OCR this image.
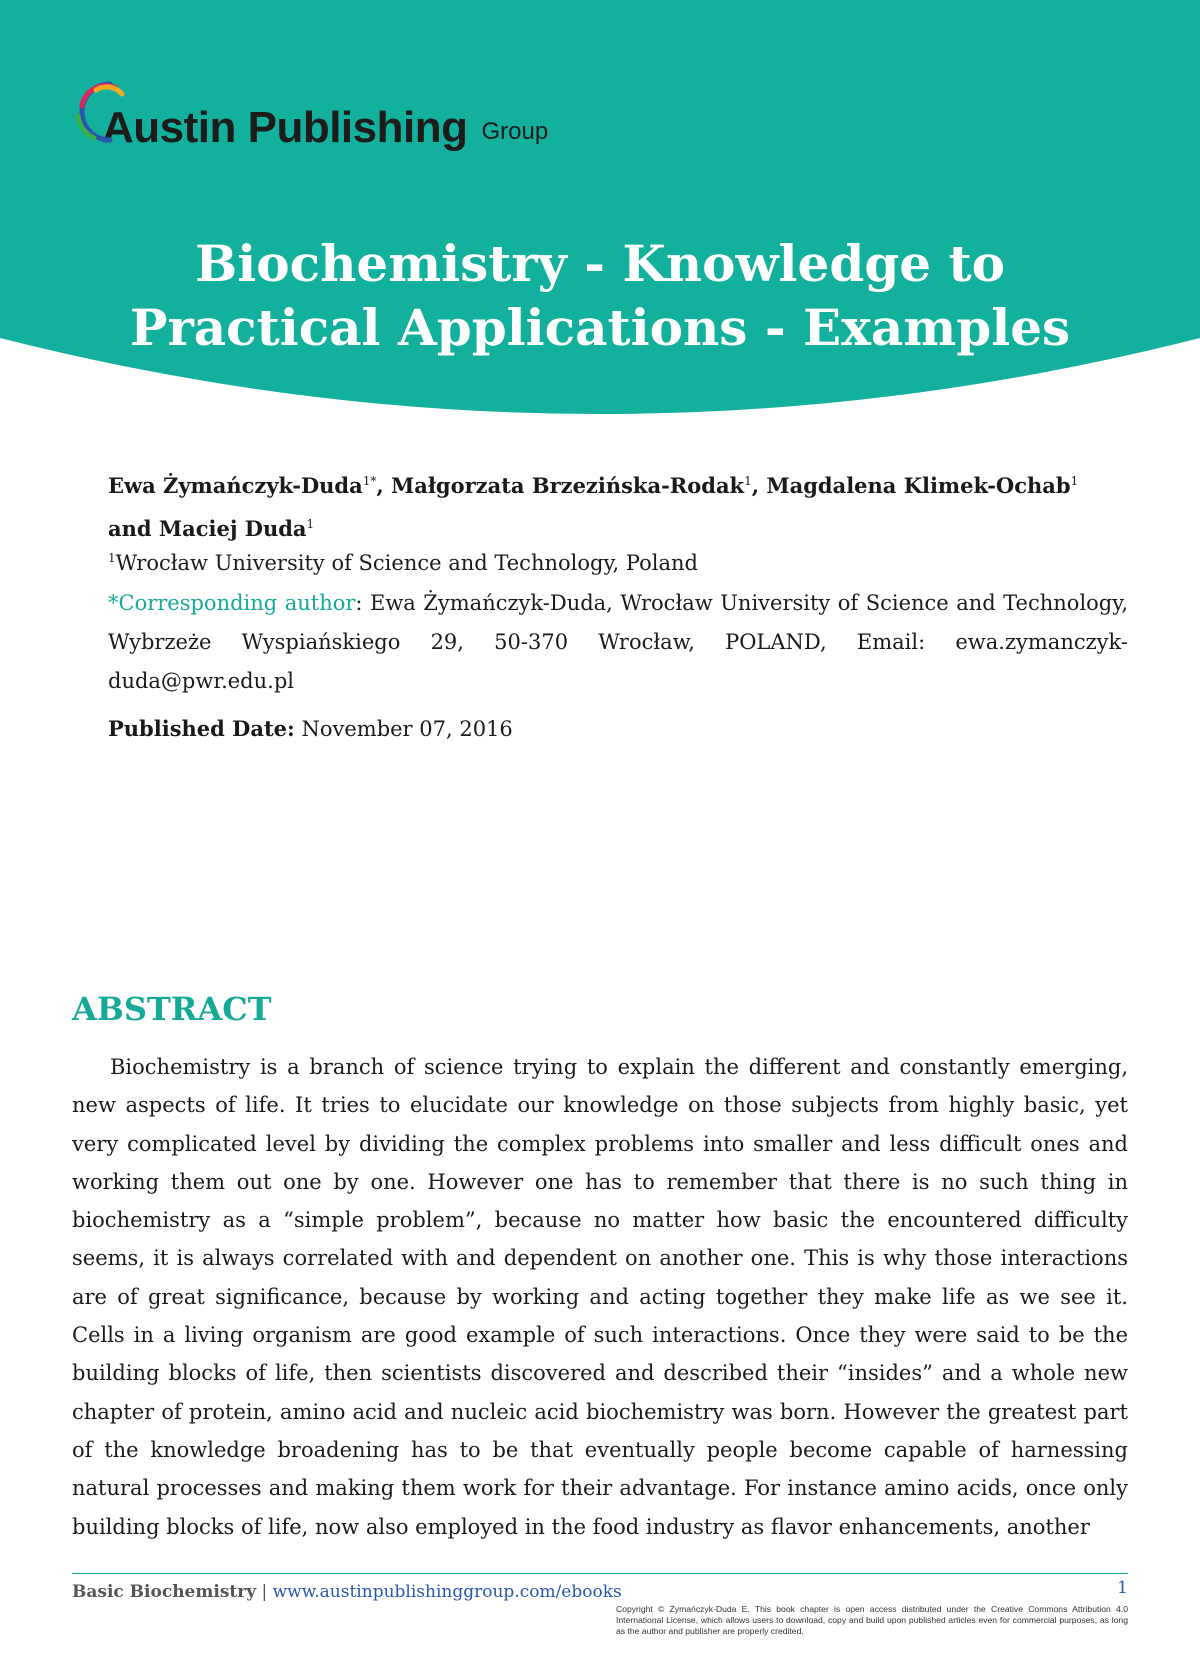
Austin Publishing Group
Biochemistry - Knowledge to Practical Applications - Examples

Ewa Żymańczyk-Duda$^{1*}$, Małgorzata Brzezińska-Rodak$^1$, Magdalena Klimek-Ochab$^1$
and Maciej Duda$^1$

$^1$Wrocław University of Science and Technology, Poland

*Corresponding author: Ewa Żymańczyk-Duda, Wrocław University of Science and Technology, Wybrzeże Wyspiańskiego 29, 50-370 Wrocław, POLAND, Email: ewa.zymanczyk-duda@pwr.edu.pl

Published Date: November 07, 2016

ABSTRACT

Biochemistry is a branch of science trying to explain the different and constantly emerging, new aspects of life. It tries to elucidate our knowledge on those subjects from highly basic, yet very complicated level by dividing the complex problems into smaller and less difficult ones and working them out one by one. However one has to remember that there is no such thing in biochemistry as a “simple problem”, because no matter how basic the encountered difficulty seems, it is always correlated with and dependent on another one. This is why those interactions are of great significance, because by working and acting together they make life as we see it. Cells in a living organism are good example of such interactions. Once they were said to be the building blocks of life, then scientists discovered and described their “insides” and a whole new chapter of protein, amino acid and nucleic acid biochemistry was born. However the greatest part of the knowledge broadening has to be that eventually people become capable of harnessing natural processes and making them work for their advantage. For instance amino acids, once only building blocks of life, now also employed in the food industry as flavor enhancements, another

Basic Biochemistry | www.austinpublishinggroup.com/ebooks	1

Copyright © Żymańczyk-Duda E. This book chapter is open access distributed under the Creative Commons Attribution 4.0 International License, which allows users to download, copy and build upon published articles even for commercial purposes, as long as the author and publisher are properly credited.
